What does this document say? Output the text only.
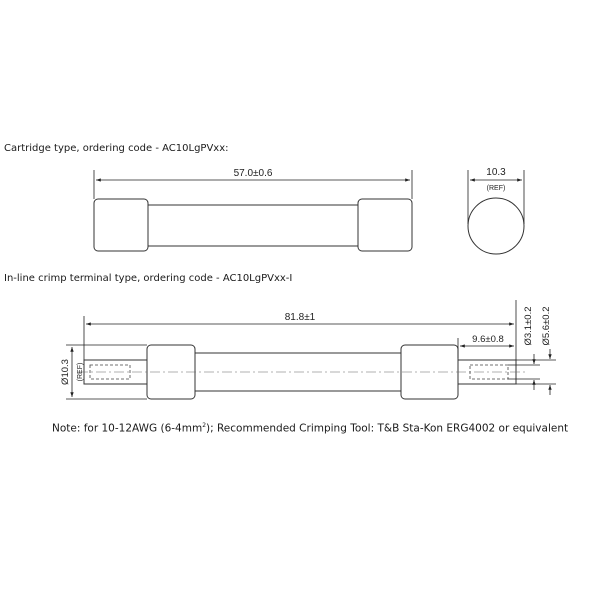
Cartridge type, ordering code - AC10LgPVxx:
In-line crimp terminal type, ordering code - AC10LgPVxx-I
Note: for 10-12AWG $(6-4mm^2)$; Recommended Crimping Tool: T&B Sta-Kon ERG4002 or equivalent
57.0±0.6	10.3
(REF)
81.8±1
9.6±0.8 Ø3.1±0.2 Ø5.6±0.2
Ø10.3 (REF)
